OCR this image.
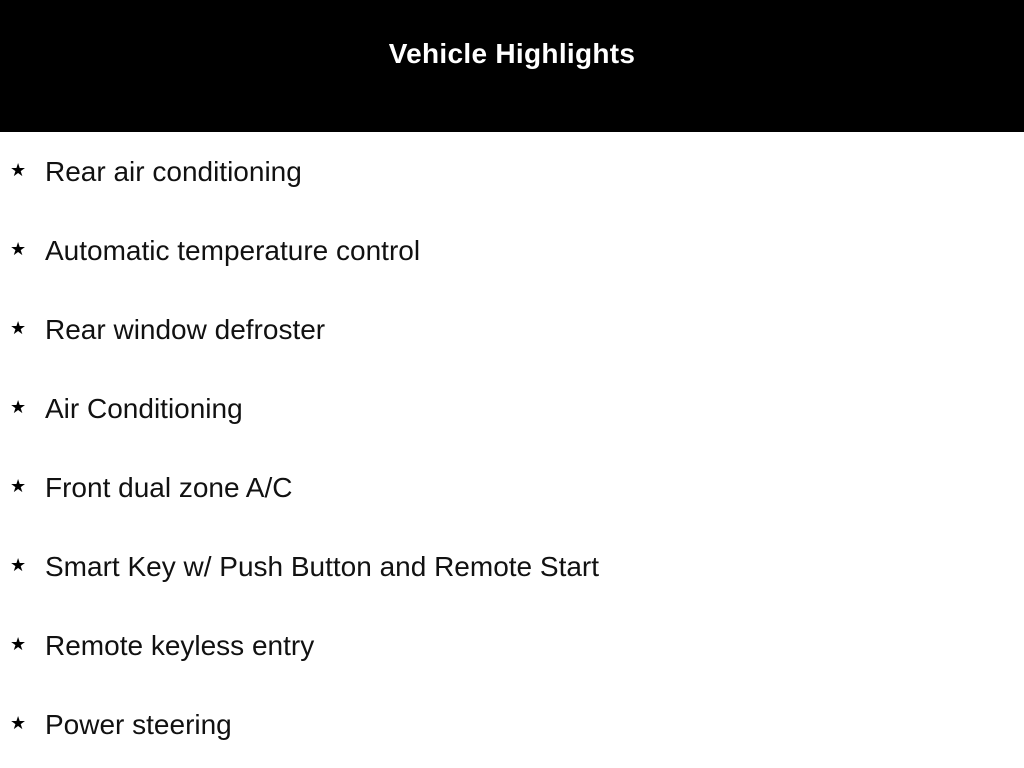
Vehicle Highlights
★ Rear air conditioning
★ Automatic temperature control
★ Rear window defroster
★ Air Conditioning
★ Front dual zone A/C
★ Smart Key w/ Push Button and Remote Start
★ Remote keyless entry
★ Power steering
